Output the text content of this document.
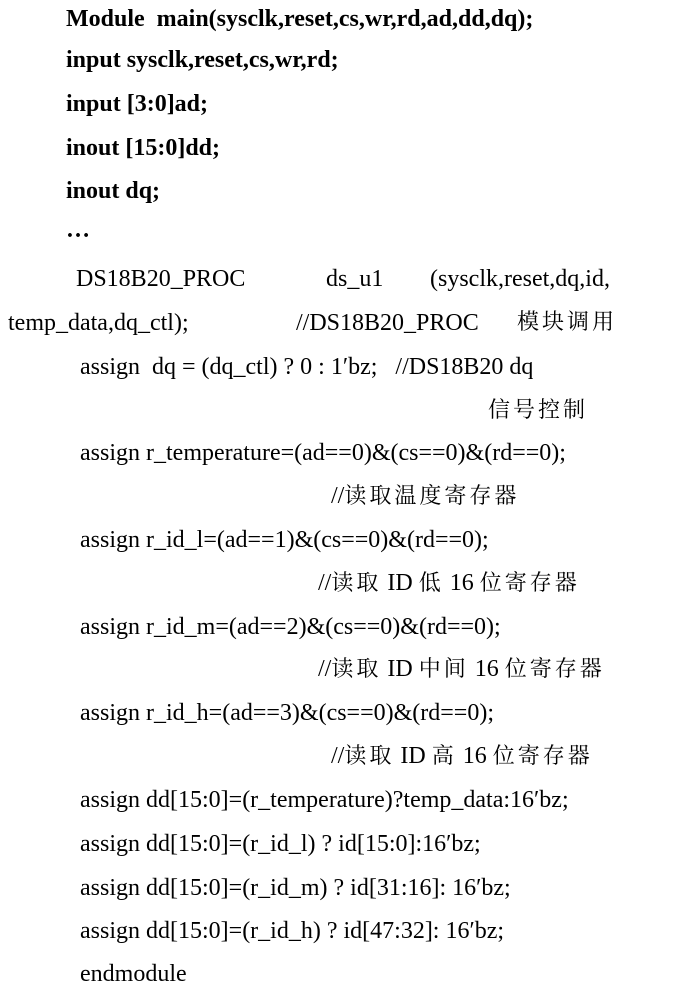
Module  main(sysclk,reset,cs,wr,rd,ad,dd,dq);
input sysclk,reset,cs,wr,rd;
input [3:0]ad;
inout [15:0]dd;
inout dq;
…
DS18B20_PROC	ds_u1 (sysclk,reset,dq,id,
temp_data,dq_ctl);	//DS18B20_PROC 模块调用
assign  dq = (dq_ctl) ? 0 : 1′bz;   //DS18B20 dq
信号控制
assign r_temperature=(ad==0)&(cs==0)&(rd==0);
//读取温度寄存器
assign r_id_l=(ad==1)&(cs==0)&(rd==0);
//读取 ID 低 16 位寄存器
assign r_id_m=(ad==2)&(cs==0)&(rd==0);
//读取 ID 中间 16 位寄存器
assign r_id_h=(ad==3)&(cs==0)&(rd==0);
//读取 ID 高 16 位寄存器
assign dd[15:0]=(r_temperature)?temp_data:16′bz;
assign dd[15:0]=(r_id_l) ? id[15:0]:16′bz;
assign dd[15:0]=(r_id_m) ? id[31:16]: 16′bz;
assign dd[15:0]=(r_id_h) ? id[47:32]: 16′bz;
endmodule
